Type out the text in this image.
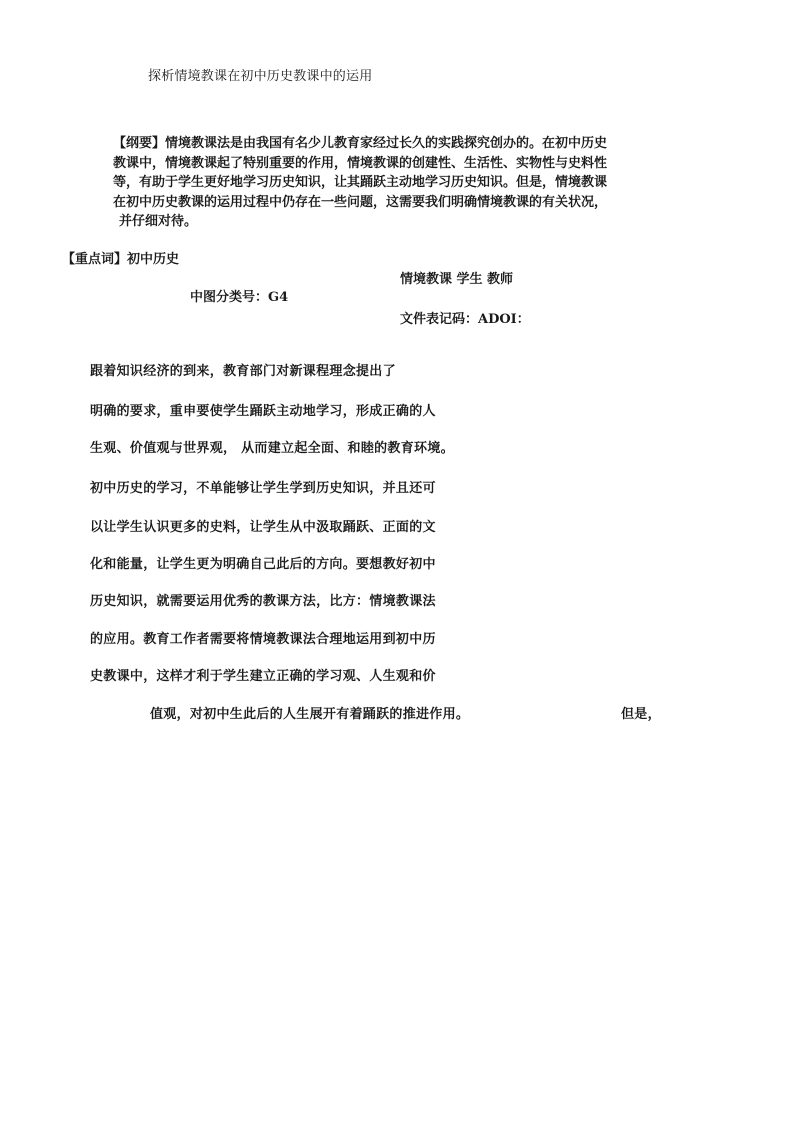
探析情境教课在初中历史教课中的运用
【纲要】情境教课法是由我国有名少儿教育家经过长久的实践探究创办的。在初中历史
教课中，情境教课起了特别重要的作用，情境教课的创建性、生活性、实物性与史料性
等，有助于学生更好地学习历史知识，让其踊跃主动地学习历史知识。但是，情境教课
在初中历史教课的运用过程中仍存在一些问题，这需要我们明确情境教课的有关状况，
并仔细对待。
【重点词】初中历史
情境教课 学生 教师
中图分类号：G4
文件表记码：ADOI：
跟着知识经济的到来，教育部门对新课程理念提出了
明确的要求，重申要使学生踊跃主动地学习，形成正确的人
生观、价值观与世界观， 从而建立起全面、和睦的教育环境。
初中历史的学习，不单能够让学生学到历史知识，并且还可
以让学生认识更多的史料，让学生从中汲取踊跃、正面的文
化和能量，让学生更为明确自己此后的方向。要想教好初中
历史知识，就需要运用优秀的教课方法，比方：情境教课法
的应用。教育工作者需要将情境教课法合理地运用到初中历
史教课中，这样才利于学生建立正确的学习观、人生观和价
值观，对初中生此后的人生展开有着踊跃的推进作用。	但是，
